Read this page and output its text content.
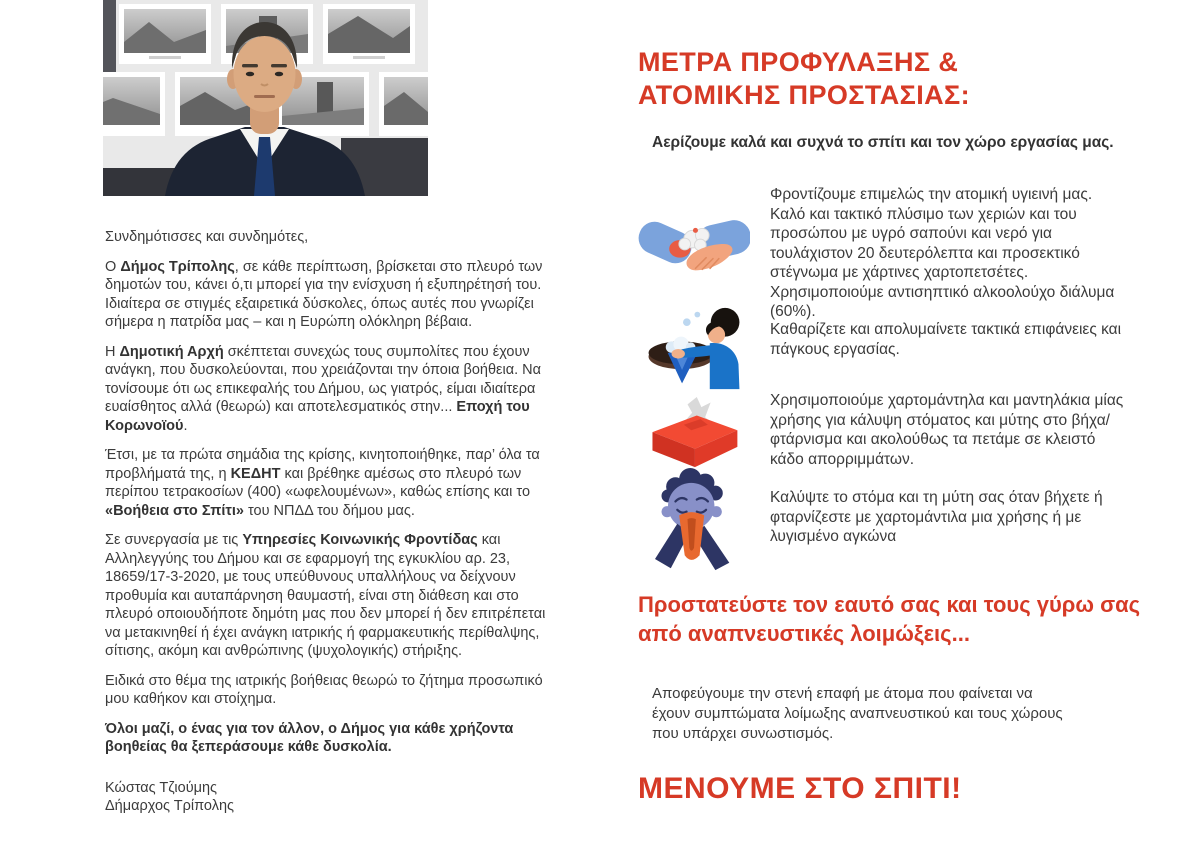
Συνδημότισσες και συνδημότες,

Ο Δήμος Τρίπολης, σε κάθε περίπτωση, βρίσκεται στο πλευρό των δημοτών του, κάνει ό,τι μπορεί για την ενίσχυση ή εξυπηρέτησή του. Ιδιαίτερα σε στιγμές εξαιρετικά δύσκολες, όπως αυτές που γνωρίζει σήμερα η πατρίδα μας – και η Ευρώπη ολόκληρη βέβαια.

Η Δημοτική Αρχή σκέπτεται συνεχώς τους συμπολίτες που έχουν ανάγκη, που δυσκολεύονται, που χρειάζονται την όποια βοήθεια. Να τονίσουμε ότι ως επικεφαλής του Δήμου, ως γιατρός, είμαι ιδιαίτερα ευαίσθητος αλλά (θεωρώ) και αποτελεσματικός στην... Εποχή του Κορωνοϊού.

Έτσι, με τα πρώτα σημάδια της κρίσης, κινητοποιήθηκε, παρ’ όλα τα προβλήματά της, η ΚΕΔΗΤ και βρέθηκε αμέσως στο πλευρό των περίπου τετρακοσίων (400) «ωφελουμένων», καθώς επίσης και το «Βοήθεια στο Σπίτι» του ΝΠΔΔ του δήμου μας.

Σε συνεργασία με τις Υπηρεσίες Κοινωνικής Φροντίδας και Αλληλεγγύης του Δήμου και σε εφαρμογή της εγκυκλίου αρ. 23, 18659/17-3-2020, με τους υπεύθυνους υπαλλήλους να δείχνουν προθυμία και αυταπάρνηση θαυμαστή, είναι στη διάθεση και στο πλευρό οποιουδήποτε δημότη μας που δεν μπορεί ή δεν επιτρέπεται να μετακινηθεί ή έχει ανάγκη ιατρικής ή φαρμακευτικής περίθαλψης, σίτισης, ακόμη και ανθρώπινης (ψυχολογικής) στήριξης.

Ειδικά στο θέμα της ιατρικής βοήθειας θεωρώ το ζήτημα προσωπικό μου καθήκον και στοίχημα.

Όλοι μαζί, ο ένας για τον άλλον, ο Δήμος για κάθε χρήζοντα βοηθείας θα ξεπεράσουμε κάθε δυσκολία.

Κώστας Τζιούμης

Δήμαρχος Τρίπολης

ΜΕΤΡΑ ΠΡΟΦΥΛΑΞΗΣ &
ΑΤΟΜΙΚΗΣ ΠΡΟΣΤΑΣΙΑΣ:

Αερίζουμε καλά και συχνά το σπίτι και τον χώρο εργασίας μας.

Φροντίζουμε επιμελώς την ατομική υγιεινή μας. Καλό και τακτικό πλύσιμο των χεριών και του προσώπου με υγρό σαπούνι και νερό για τουλάχιστον 20 δευτερόλεπτα και προσεκτικό στέγνωμα με χάρτινες χαρτοπετσέτες. Χρησιμοποιούμε αντισηπτικό αλκοολούχο διάλυμα (60%).

Καθαρίζετε και απολυμαίνετε τακτικά επιφάνειες και πάγκους εργασίας.

Χρησιμοποιούμε χαρτομάντηλα και μαντηλάκια μίας χρήσης για κάλυψη στόματος και μύτης στο βήχα/φτάρνισμα και ακολούθως τα πετάμε σε κλειστό κάδο απορριμμάτων.

Καλύψτε το στόμα και τη μύτη σας όταν βήχετε ή φταρνίζεστε με χαρτομάντιλα μια χρήσης ή με λυγισμένο αγκώνα

Προστατεύστε τον εαυτό σας και τους γύρω σας
από αναπνευστικές λοιμώξεις...

Αποφεύγουμε την στενή επαφή με άτομα που φαίνεται να έχουν συμπτώματα λοίμωξης αναπνευστικού και τους χώρους που υπάρχει συνωστισμός.

ΜΕΝΟΥΜΕ ΣΤΟ ΣΠΙΤΙ!
